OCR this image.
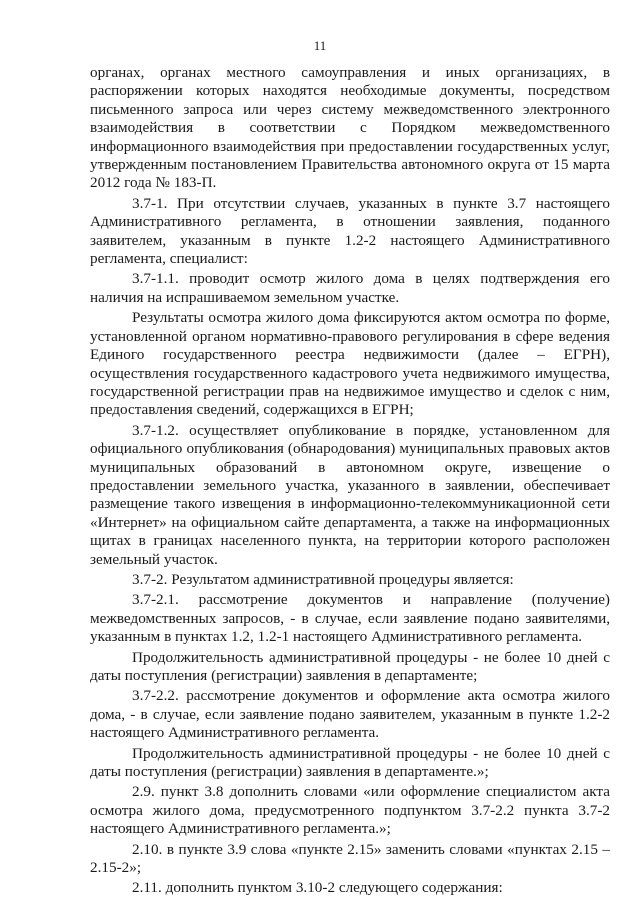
11

органах, органах местного самоуправления и иных организациях, в распоряжении которых находятся необходимые документы, посредством письменного запроса или через систему межведомственного электронного взаимодействия в соответствии с Порядком межведомственного информационного взаимодействия при предоставлении государственных услуг, утвержденным постановлением Правительства автономного округа от 15 марта 2012 года № 183-П.

3.7-1. При отсутствии случаев, указанных в пункте 3.7 настоящего Административного регламента, в отношении заявления, поданного заявителем, указанным в пункте 1.2-2 настоящего Административного регламента, специалист:

3.7-1.1. проводит осмотр жилого дома в целях подтверждения его наличия на испрашиваемом земельном участке.

Результаты осмотра жилого дома фиксируются актом осмотра по форме, установленной органом нормативно-правового регулирования в сфере ведения Единого государственного реестра недвижимости (далее – ЕГРН), осуществления государственного кадастрового учета недвижимого имущества, государственной регистрации прав на недвижимое имущество и сделок с ним, предоставления сведений, содержащихся в ЕГРН;

3.7-1.2. осуществляет опубликование в порядке, установленном для официального опубликования (обнародования) муниципальных правовых актов муниципальных образований в автономном округе, извещение о предоставлении земельного участка, указанного в заявлении, обеспечивает размещение такого извещения в информационно-телекоммуникационной сети «Интернет» на официальном сайте департамента, а также на информационных щитах в границах населенного пункта, на территории которого расположен земельный участок.

3.7-2. Результатом административной процедуры является:

3.7-2.1. рассмотрение документов и направление (получение) межведомственных запросов, - в случае, если заявление подано заявителями, указанным в пунктах 1.2, 1.2-1 настоящего Административного регламента.

Продолжительность административной процедуры - не более 10 дней с даты поступления (регистрации) заявления в департаменте;

3.7-2.2. рассмотрение документов и оформление акта осмотра жилого дома, - в случае, если заявление подано заявителем, указанным в пункте 1.2-2 настоящего Административного регламента.

Продолжительность административной процедуры - не более 10 дней с даты поступления (регистрации) заявления в департаменте.»;

2.9. пункт 3.8 дополнить словами «или оформление специалистом акта осмотра жилого дома, предусмотренного подпунктом 3.7-2.2 пункта 3.7-2 настоящего Административного регламента.»;

2.10. в пункте 3.9 слова «пункте 2.15» заменить словами «пунктах 2.15 – 2.15-2»;

2.11. дополнить пунктом 3.10-2 следующего содержания:
